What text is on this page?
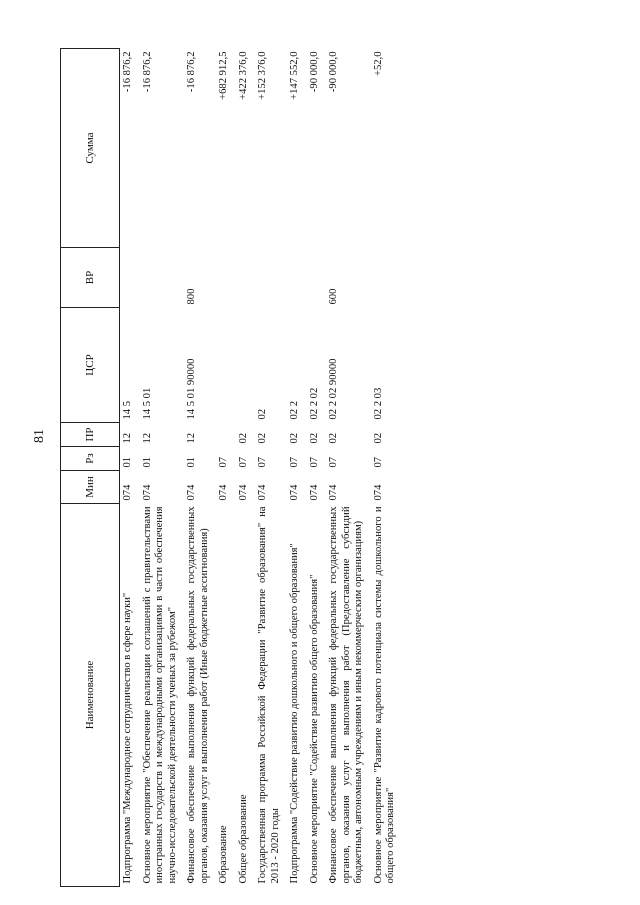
81
Наименование	Мин	Рз	ПР	ЦСР	ВР	Сумма
Подпрограмма "Международное сотрудничество в сфере науки"	074	01	12	14 5		-16 876,2
Основное мероприятие "Обеспечение реализации соглашений с правительствами иностранных государств и международными организациями в части обеспечения научно-исследовательской деятельности ученых за рубежом"	074	01	12	14 5 01		-16 876,2
Финансовое обеспечение выполнения функций федеральных государственных органов, оказания услуг и выполнения работ (Иные бюджетные ассигнования)	074	01	12	14 5 01 90000	800	-16 876,2
Образование	074	07				+682 912,5
Общее образование	074	07	02			+422 376,0
Государственная программа Российской Федерации "Развитие образования" на 2013 - 2020 годы	074	07	02	02		+152 376,0
Подпрограмма "Содействие развитию дошкольного и общего образования"	074	07	02	02 2		+147 552,0
Основное мероприятие "Содействие развитию общего образования"	074	07	02	02 2 02		-90 000,0
Финансовое обеспечение выполнения функций федеральных государственных органов, оказания услуг и выполнения работ (Предоставление субсидий бюджетным, автономным учреждениям и иным некоммерческим организациям)	074	07	02	02 2 02 90000	600	-90 000,0
Основное мероприятие "Развитие кадрового потенциала системы дошкольного и общего образования"	074	07	02	02 2 03		+52,0
